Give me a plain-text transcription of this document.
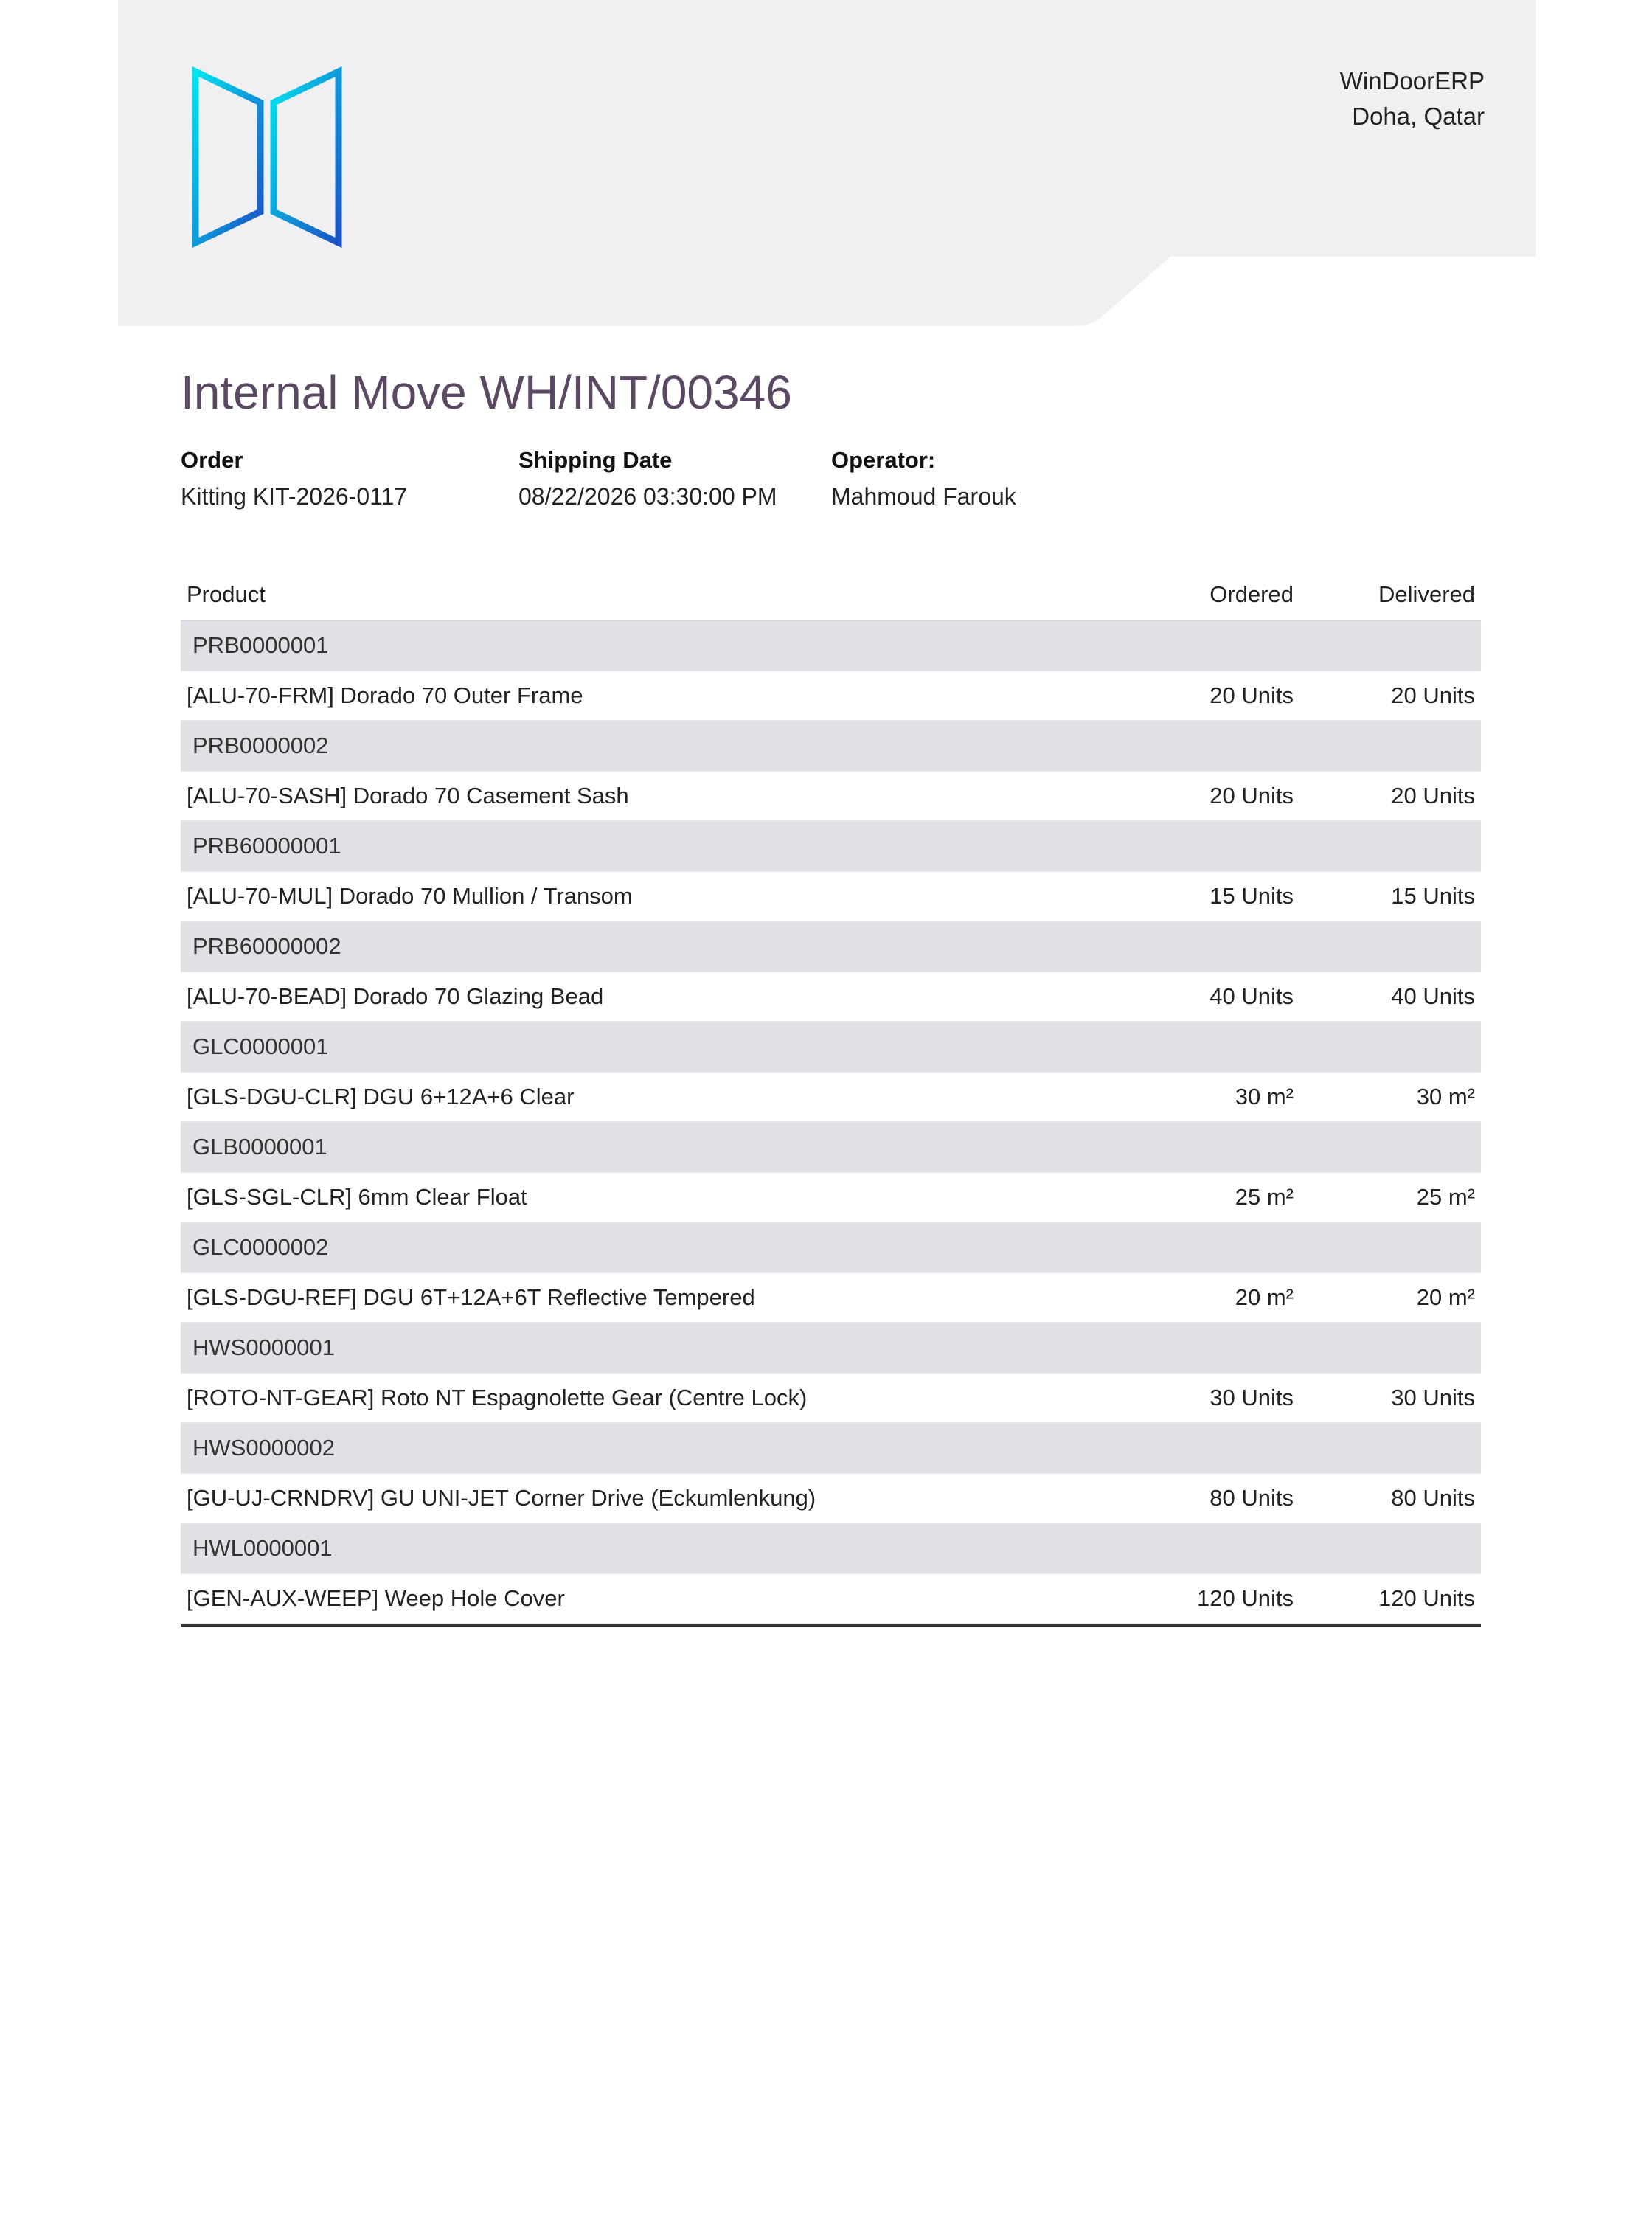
WinDoorERP
Doha, Qatar
Internal Move WH/INT/00346
Order
Kitting KIT-2026-0117
Shipping Date
08/22/2026 03:30:00 PM
Operator:
Mahmoud Farouk
Product	Ordered	Delivered
PRB0000001		
[ALU-70-FRM] Dorado 70 Outer Frame	20 Units	20 Units
PRB0000002		
[ALU-70-SASH] Dorado 70 Casement Sash	20 Units	20 Units
PRB60000001		
[ALU-70-MUL] Dorado 70 Mullion / Transom	15 Units	15 Units
PRB60000002		
[ALU-70-BEAD] Dorado 70 Glazing Bead	40 Units	40 Units
GLC0000001		
[GLS-DGU-CLR] DGU 6+12A+6 Clear	30 m²	30 m²
GLB0000001		
[GLS-SGL-CLR] 6mm Clear Float	25 m²	25 m²
GLC0000002		
[GLS-DGU-REF] DGU 6T+12A+6T Reflective Tempered	20 m²	20 m²
HWS0000001		
[ROTO-NT-GEAR] Roto NT Espagnolette Gear (Centre Lock)	30 Units	30 Units
HWS0000002		
[GU-UJ-CRNDRV] GU UNI-JET Corner Drive (Eckumlenkung)	80 Units	80 Units
HWL0000001		
[GEN-AUX-WEEP] Weep Hole Cover	120 Units	120 Units
